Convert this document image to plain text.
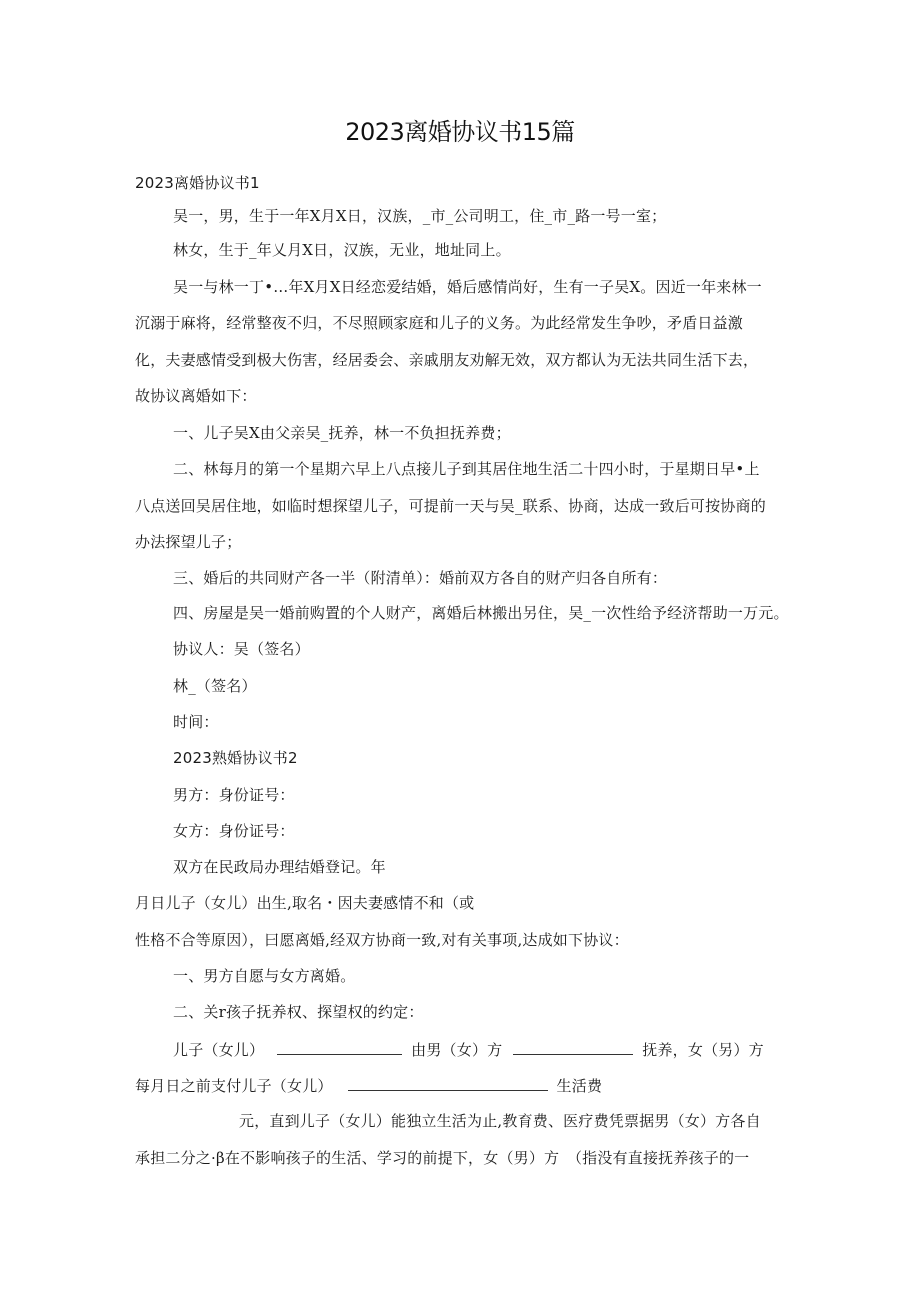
2023离婚协议书15篇
2023离婚协议书1
吴一，男，生于一年X月X日，汉族，_市_公司明工，住_市_路一号一室；
林女，生于_年乂月X日，汉族，无业，地址同上。
吴一与林一丁•…年X月X日经恋爱结婚，婚后感情尚好，生有一子吴X。因近一年来林一
沉溺于麻将，经常整夜不归，不尽照顾家庭和儿子的义务。为此经常发生争吵，矛盾日益激
化，夫妻感情受到极大伤害，经居委会、亲戚朋友劝解无效，双方都认为无法共同生活下去，
故协议离婚如下：
一、儿子吴X由父亲吴_抚养，林一不负担抚养费；
二、林每月的第一个星期六早上八点接儿子到其居住地生活二十四小时，于星期日早•上
八点送回吴居住地，如临时想探望儿子，可提前一天与吴_联系、协商，达成一致后可按协商的
办法探望儿子；
三、婚后的共同财产各一半（附清单）：婚前双方各自的财产归各自所有：
四、房屋是吴一婚前购置的个人财产，离婚后林搬出另住，吴_一次性给予经济帮助一万元。
协议人：吴（签名）
林_（签名）
时间：
2023熟婚协议书2
男方：身份证号：
女方：身份证号：
双方在民政局办理结婚登记。年
月日儿子（女儿）出生,取名・因夫妻感情不和（或
性格不合等原因），曰愿离婚,经双方协商一致,对有关事项,达成如下协议：
一、男方自愿与女方离婚。
二、关r孩子抚养权、探望权的约定：
儿子（女儿）	由男（女）方	抚养，女（另）方
每月日之前支付儿子（女儿）	生活费
元，直到儿子（女儿）能独立生活为止,教育费、医疗费凭票据男（女）方各自
承担二分之·β在不影响孩子的生活、学习的前提下，女（男）方　（指没有直接抚养孩子的一
